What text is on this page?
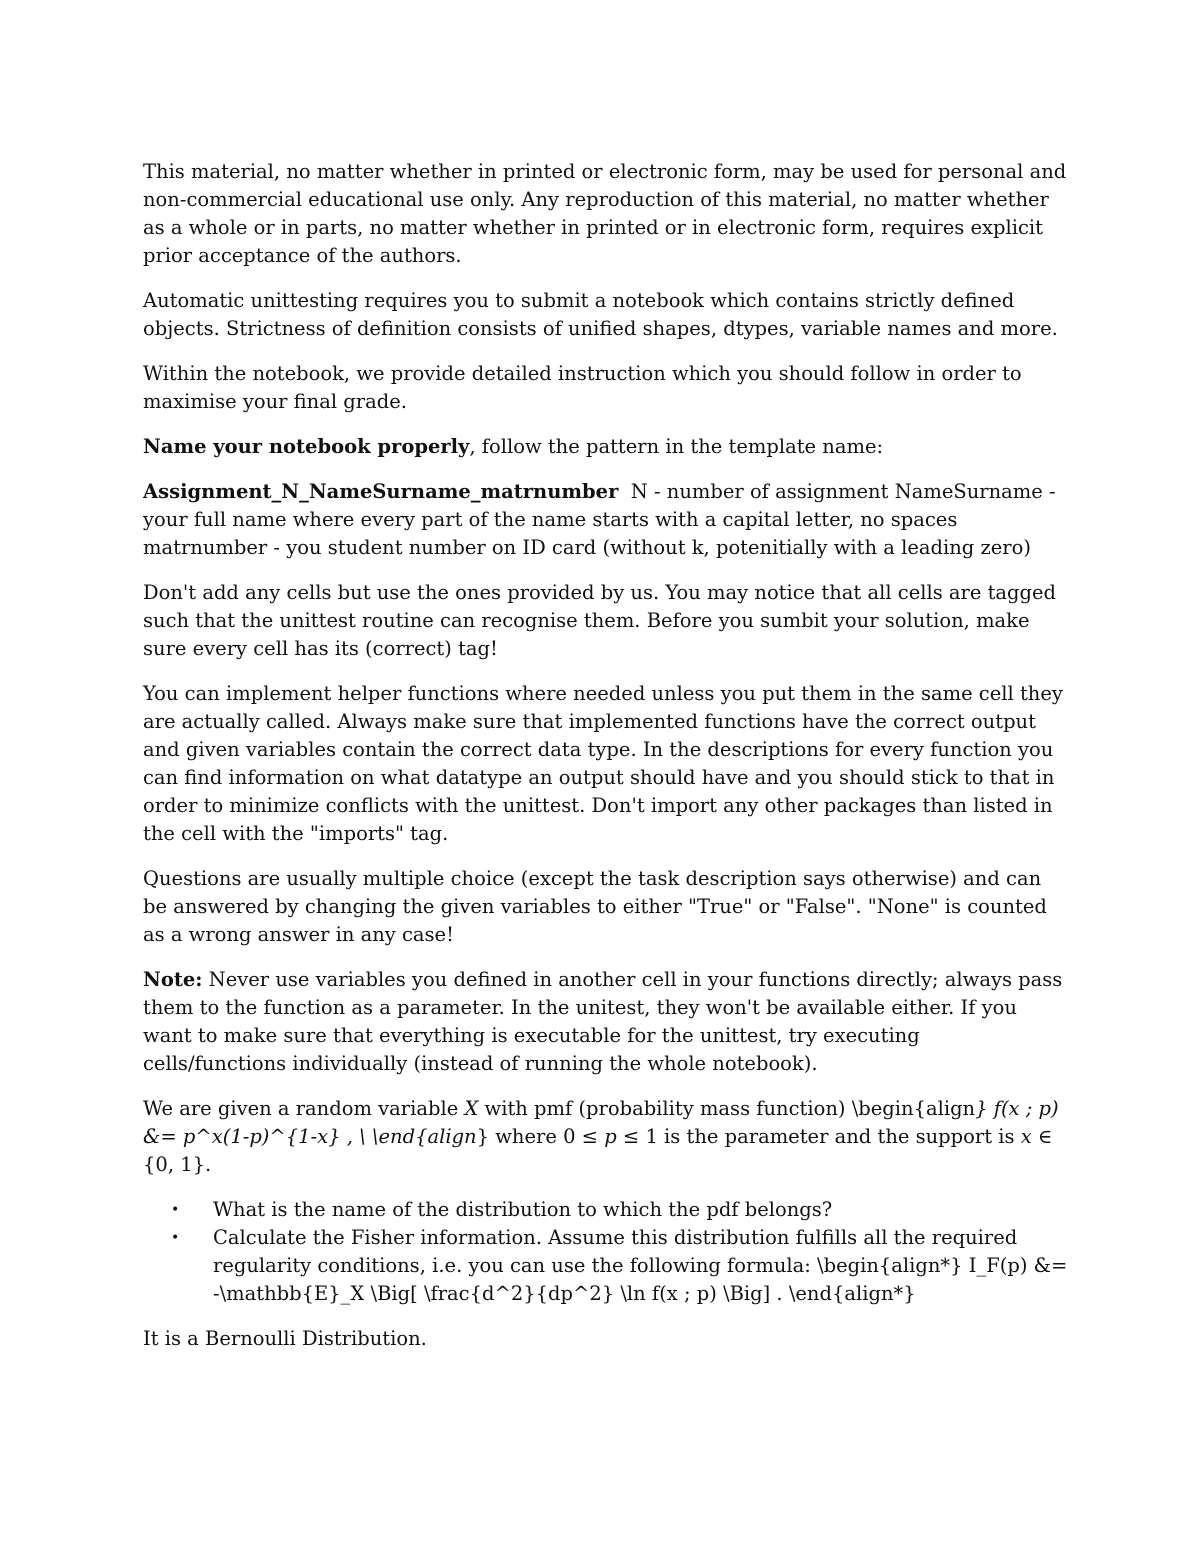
This material, no matter whether in printed or electronic form, may be used for personal and non-commercial educational use only. Any reproduction of this material, no matter whether as a whole or in parts, no matter whether in printed or in electronic form, requires explicit prior acceptance of the authors.

Automatic unittesting requires you to submit a notebook which contains strictly defined objects. Strictness of definition consists of unified shapes, dtypes, variable names and more.

Within the notebook, we provide detailed instruction which you should follow in order to maximise your final grade.

Name your notebook properly, follow the pattern in the template name:

Assignment_N_NameSurname_matrnumber  N - number of assignment NameSurname - your full name where every part of the name starts with a capital letter, no spaces matrnumber - you student number on ID card (without k, potenitially with a leading zero)

Don't add any cells but use the ones provided by us. You may notice that all cells are tagged such that the unittest routine can recognise them. Before you sumbit your solution, make sure every cell has its (correct) tag!

You can implement helper functions where needed unless you put them in the same cell they are actually called. Always make sure that implemented functions have the correct output and given variables contain the correct data type. In the descriptions for every function you can find information on what datatype an output should have and you should stick to that in order to minimize conflicts with the unittest. Don't import any other packages than listed in the cell with the "imports" tag.

Questions are usually multiple choice (except the task description says otherwise) and can be answered by changing the given variables to either "True" or "False". "None" is counted as a wrong answer in any case!

Note: Never use variables you defined in another cell in your functions directly; always pass them to the function as a parameter. In the unitest, they won't be available either. If you want to make sure that everything is executable for the unittest, try executing cells/functions individually (instead of running the whole notebook).

We are given a random variable X with pmf (probability mass function) \begin{align} f(x ; p) &= p^x(1-p)^{1-x} , \ \end{align} where 0 ≤ p ≤ 1 is the parameter and the support is x ∈ {0, 1}.

• What is the name of the distribution to which the pdf belongs?
• Calculate the Fisher information. Assume this distribution fulfills all the required regularity conditions, i.e. you can use the following formula: \begin{align*} I_F(p) &= -\mathbb{E}_X \Big[ \frac{d^2}{dp^2} \ln f(x ; p) \Big] . \end{align*}

It is a Bernoulli Distribution.
